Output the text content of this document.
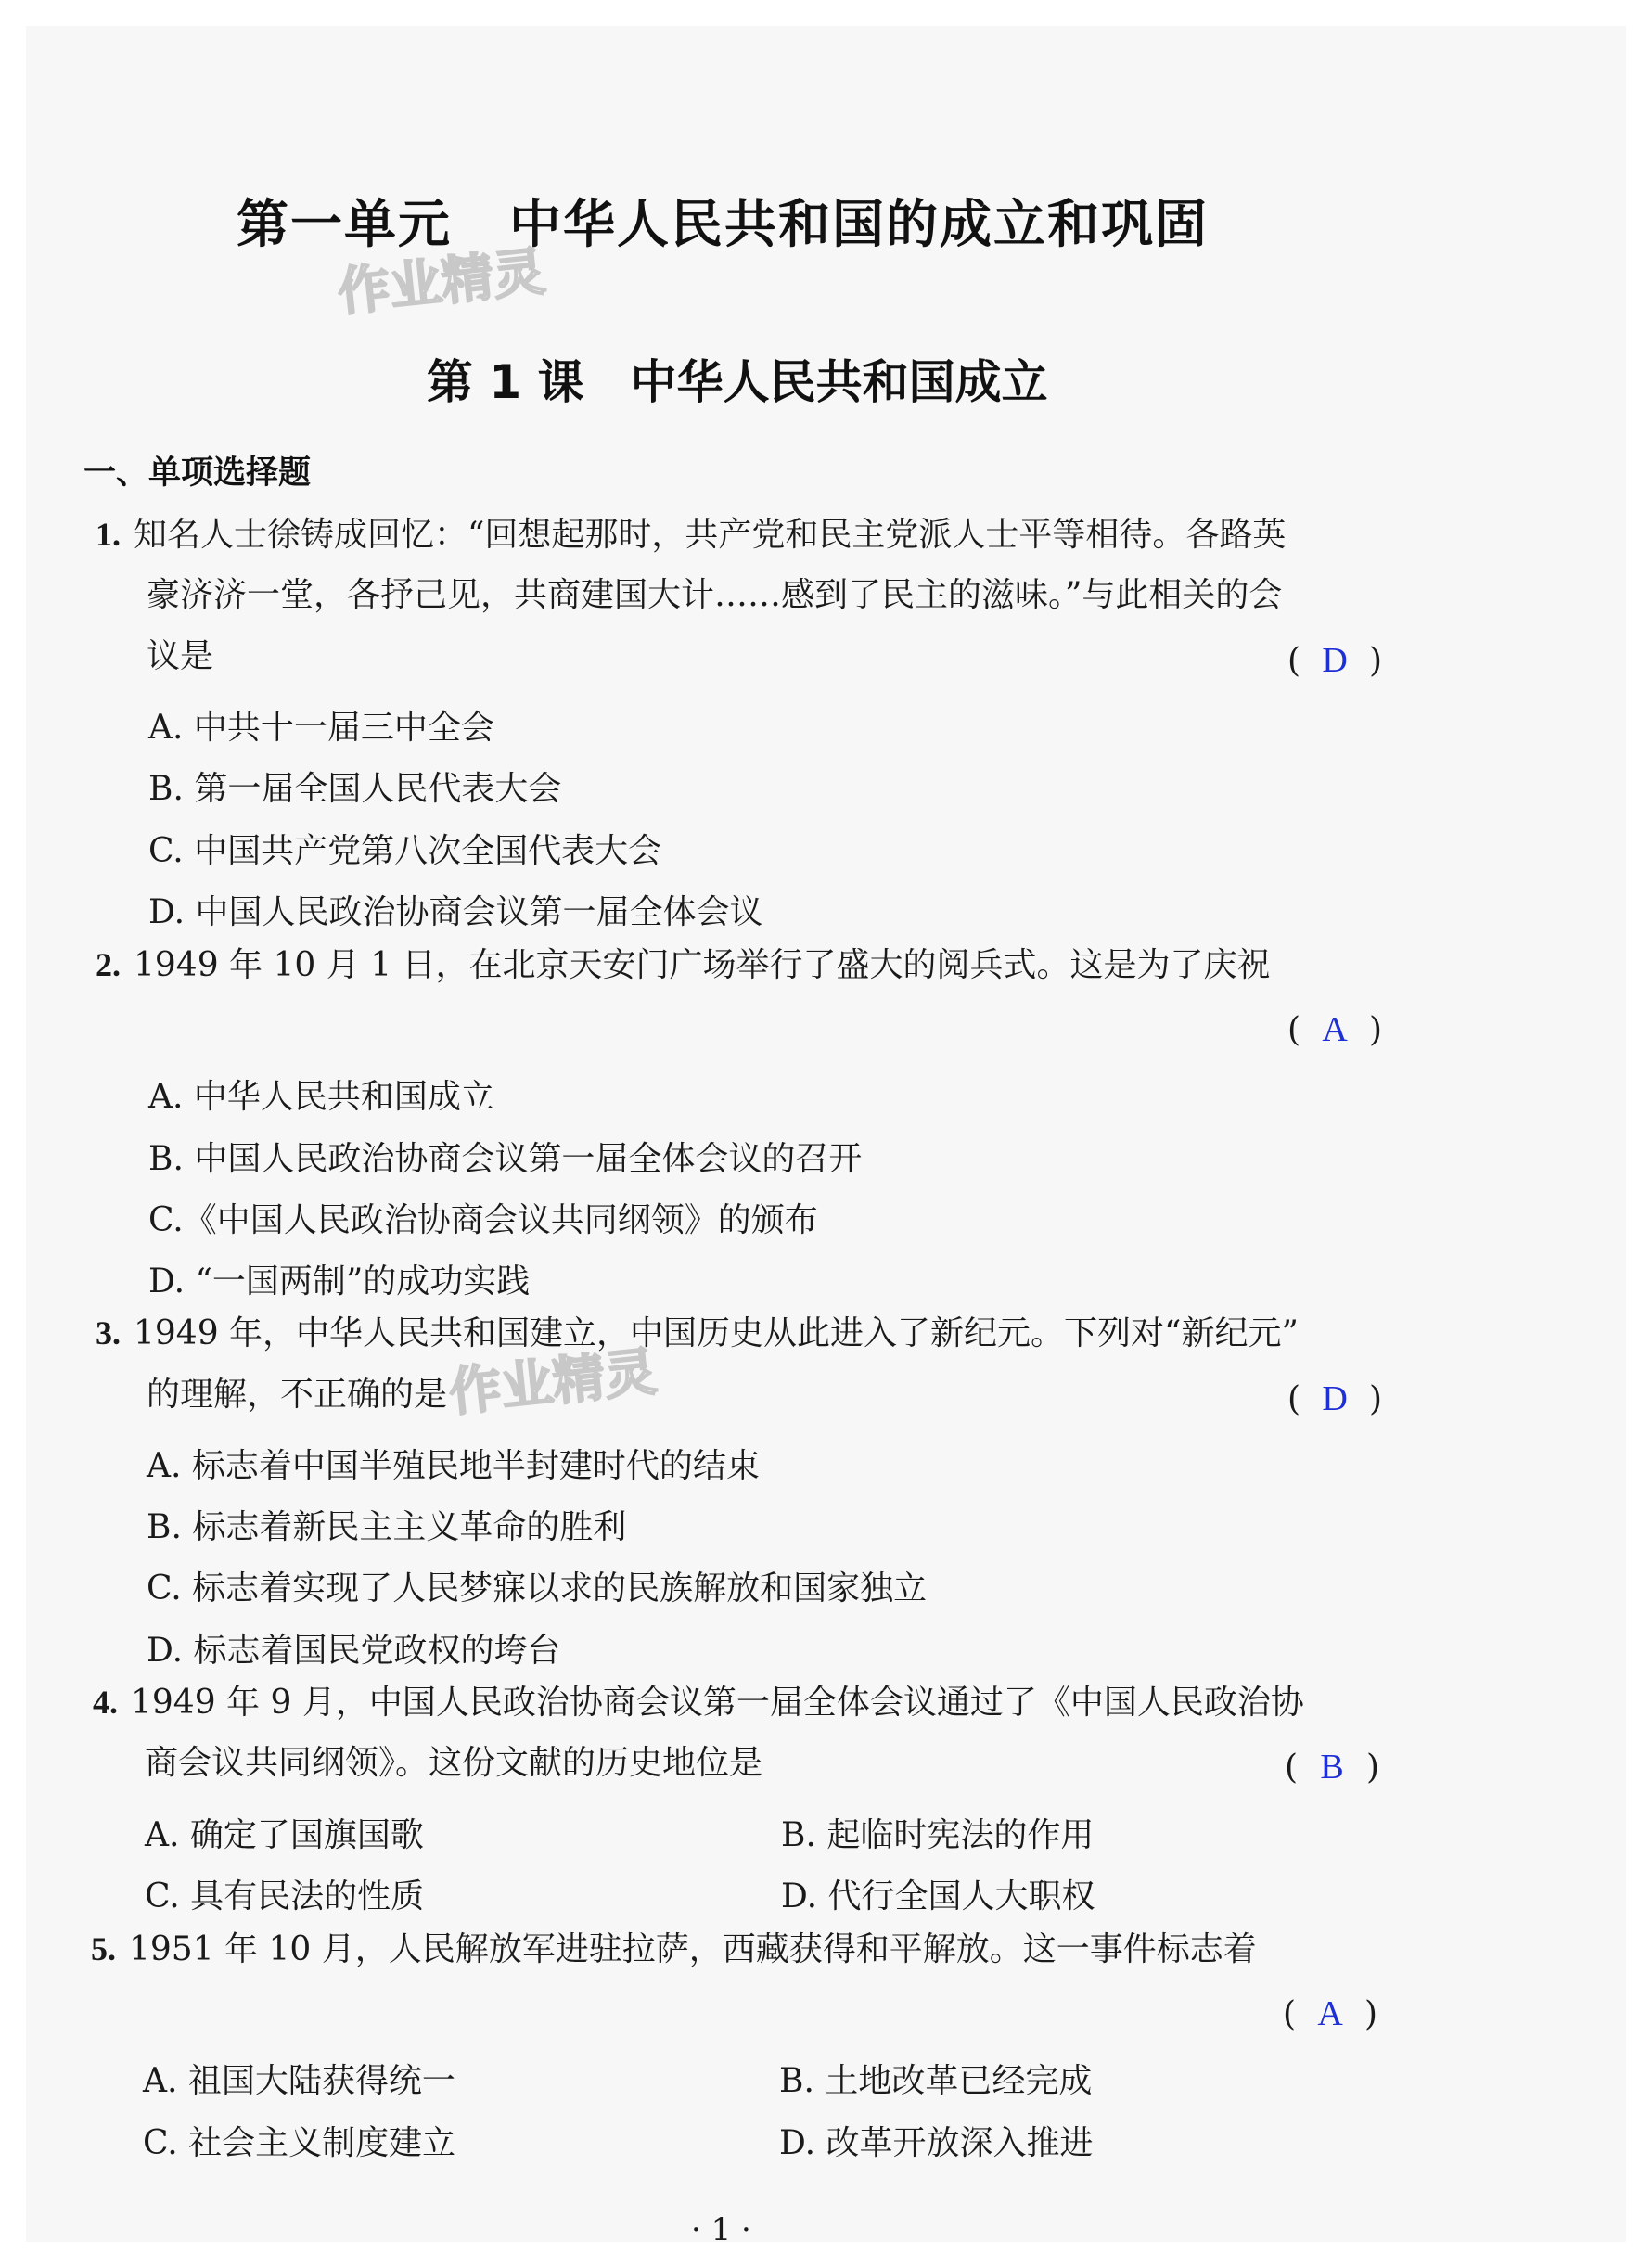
第一单元 中华人民共和国的成立和巩固
作业精灵
第 1 课 中华人民共和国成立
一、单项选择题
1. 知名人士徐铸成回忆：“回想起那时，共产党和民主党派人士平等相待。各路英
豪济济一堂，各抒己见，共商建国大计……感到了民主的滋味。”与此相关的会
议是	( D )
A. 中共十一届三中全会
B. 第一届全国人民代表大会
C. 中国共产党第八次全国代表大会
D. 中国人民政治协商会议第一届全体会议
2. 1949 年 10 月 1 日，在北京天安门广场举行了盛大的阅兵式。这是为了庆祝
( A )
A. 中华人民共和国成立
B. 中国人民政治协商会议第一届全体会议的召开
C.《中国人民政治协商会议共同纲领》的颁布
D. “一国两制”的成功实践
3. 1949 年，中华人民共和国建立，中国历史从此进入了新纪元。下列对“新纪元”
的理解，不正确的是	( D )
作业精灵
A. 标志着中国半殖民地半封建时代的结束
B. 标志着新民主主义革命的胜利
C. 标志着实现了人民梦寐以求的民族解放和国家独立
D. 标志着国民党政权的垮台
4. 1949 年 9 月，中国人民政治协商会议第一届全体会议通过了《中国人民政治协
商会议共同纲领》。这份文献的历史地位是	( B )
A. 确定了国旗国歌	B. 起临时宪法的作用
C. 具有民法的性质	D. 代行全国人大职权
5. 1951 年 10 月，人民解放军进驻拉萨，西藏获得和平解放。这一事件标志着
( A )
A. 祖国大陆获得统一	B. 土地改革已经完成
C. 社会主义制度建立	D. 改革开放深入推进
· 1 ·
